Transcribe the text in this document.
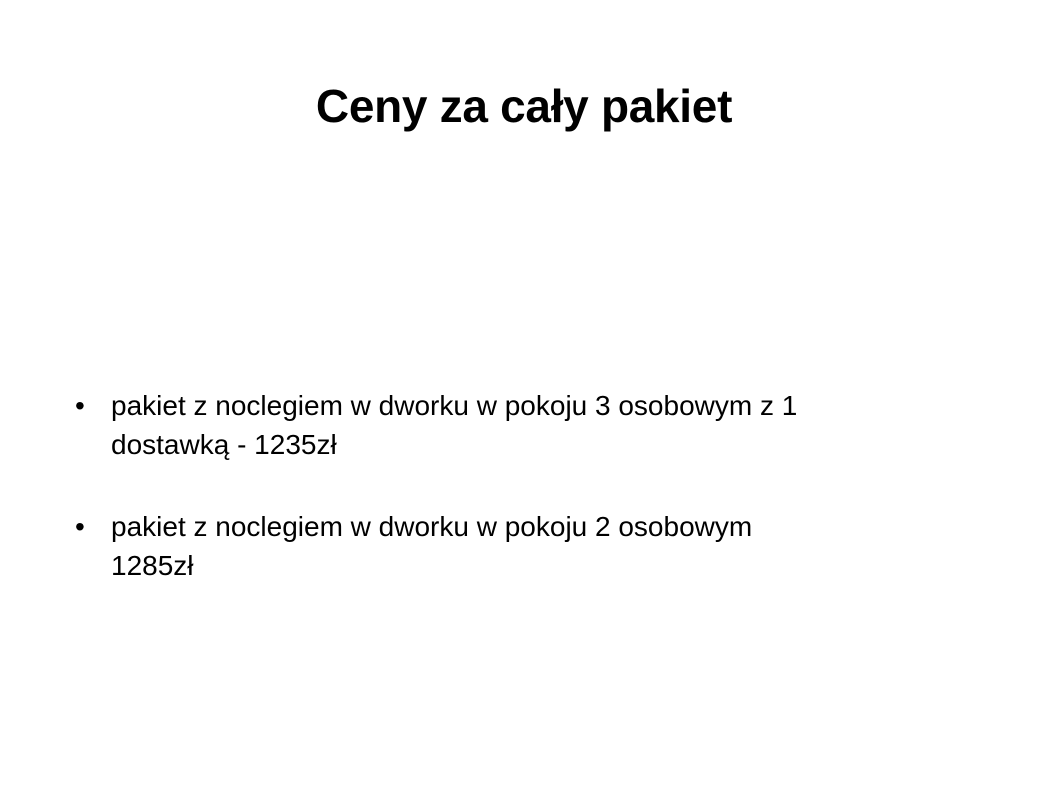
Ceny za cały pakiet
• pakiet z noclegiem w dworku w pokoju 3 osobowym z 1
dostawką - 1235zł
• pakiet z noclegiem w dworku w pokoju 2 osobowym
1285zł
